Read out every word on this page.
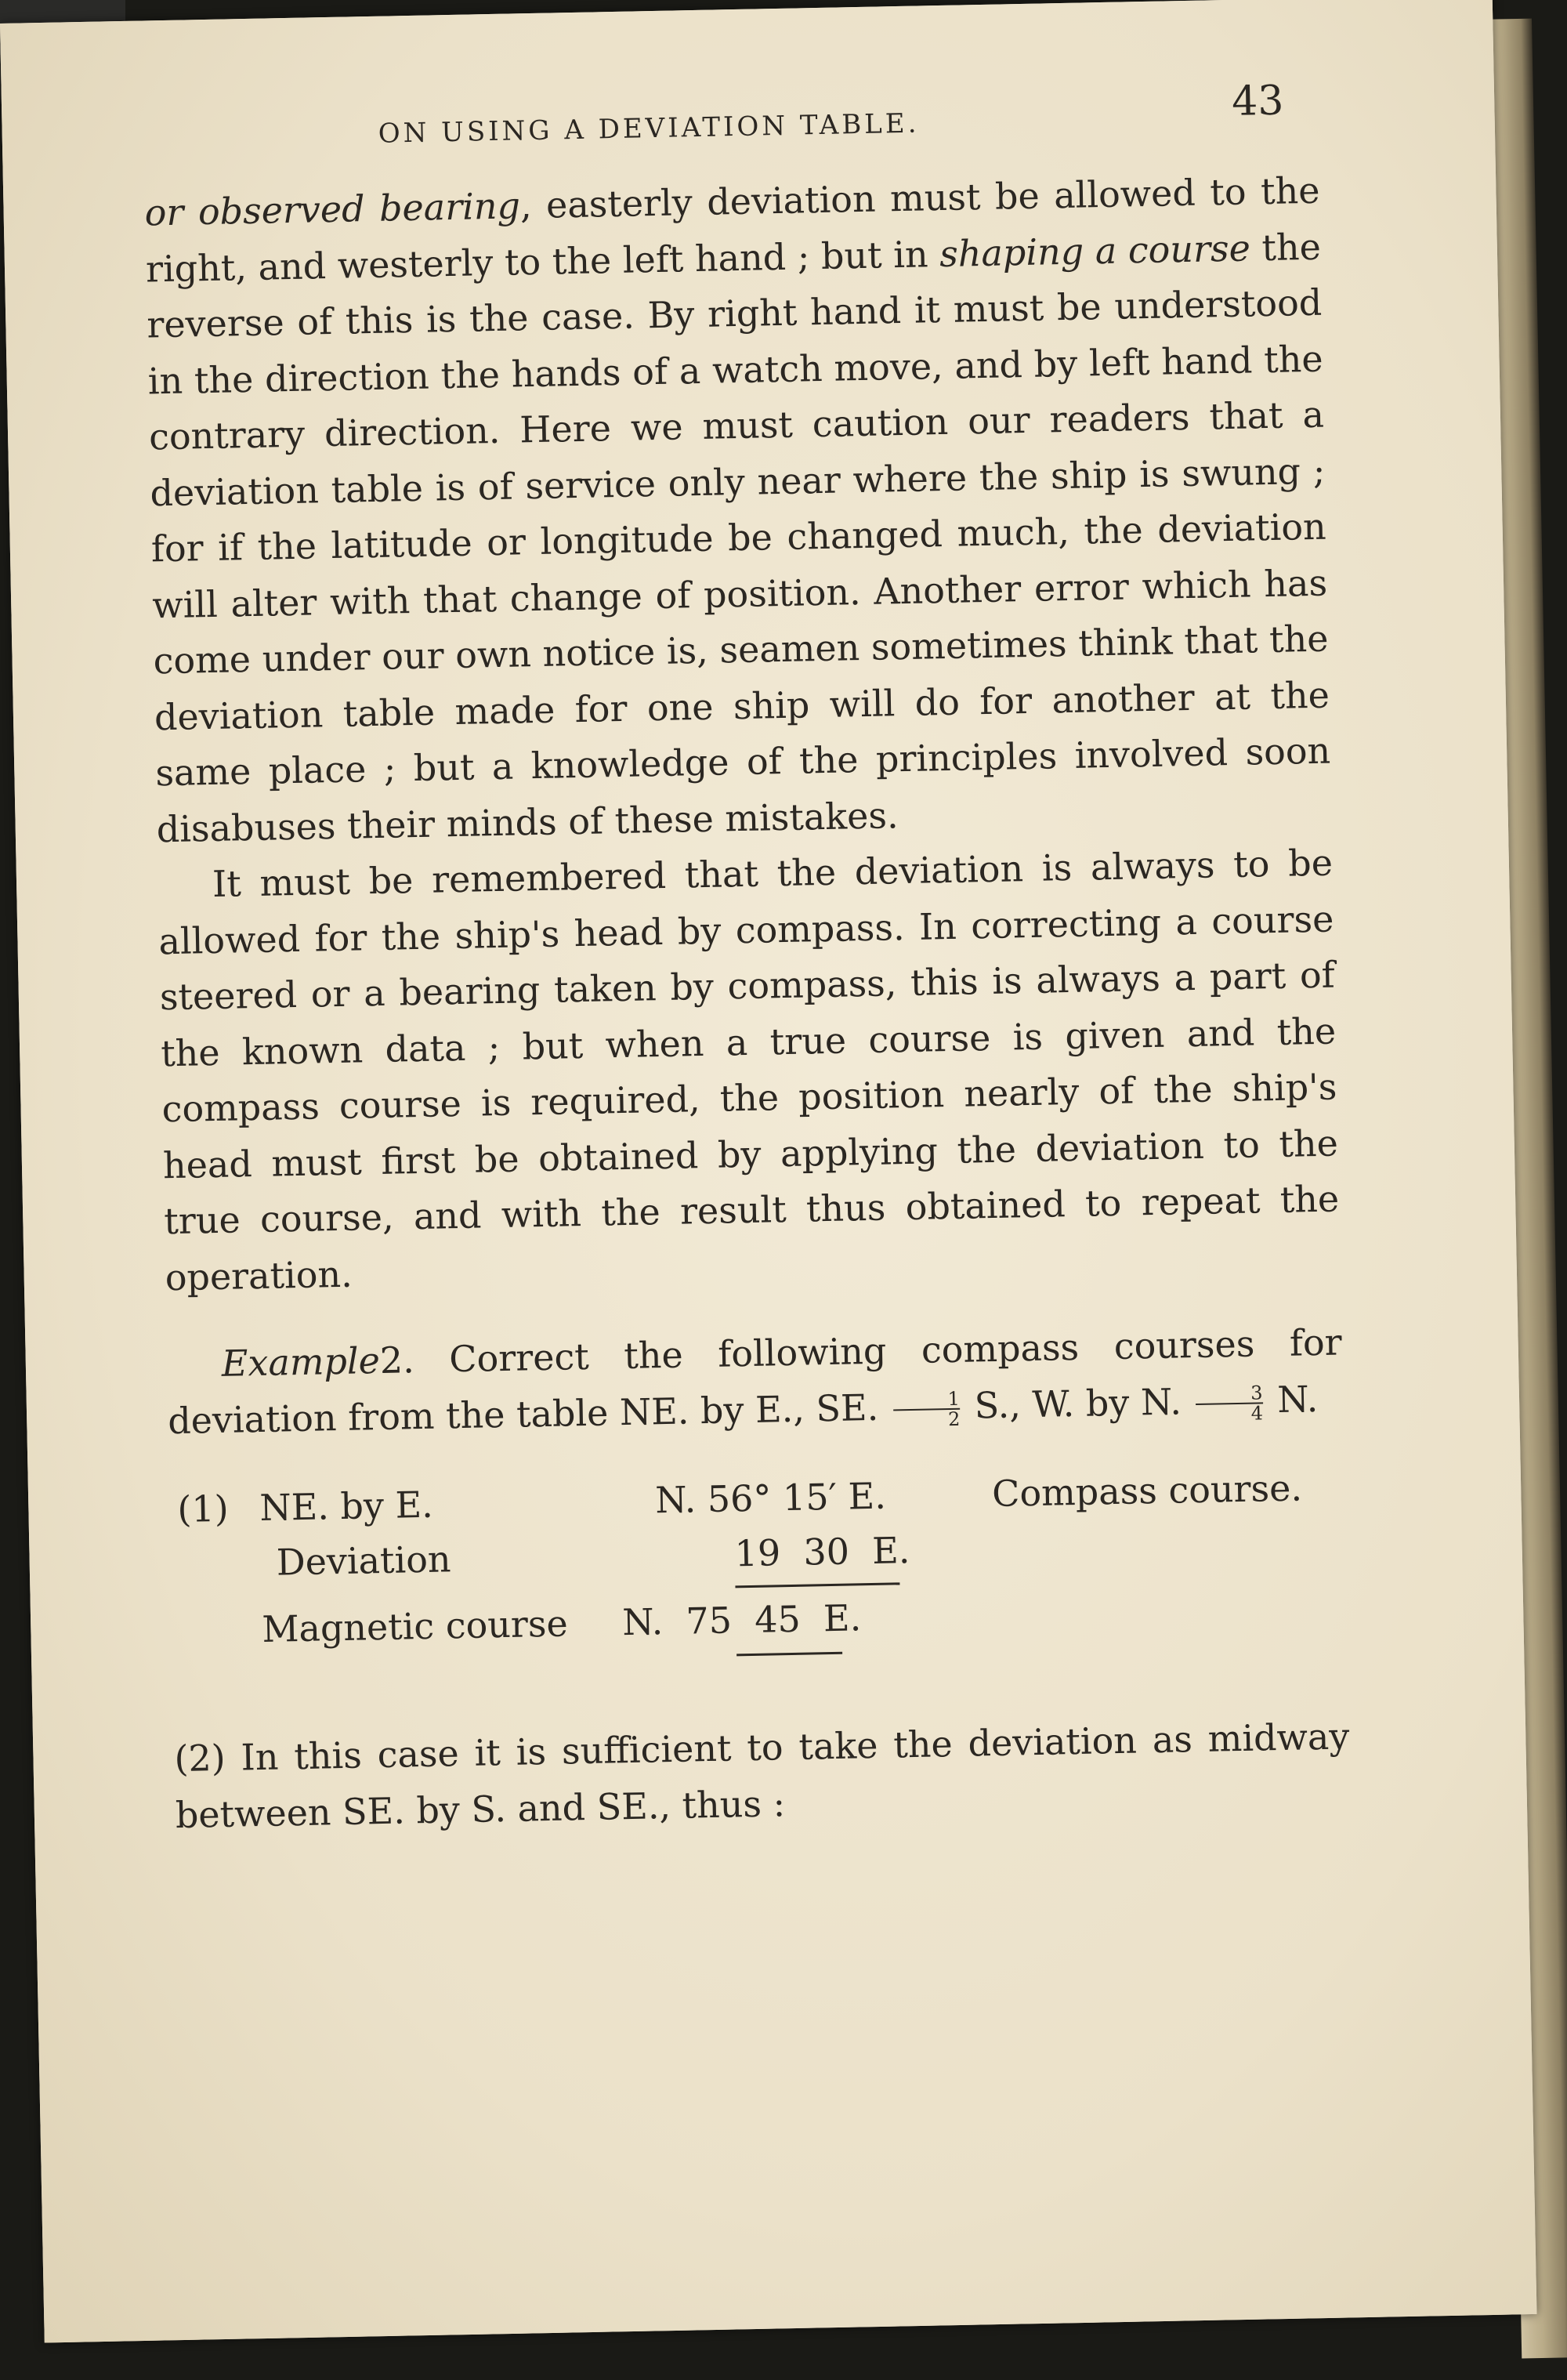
ON USING A DEVIATION TABLE.
43

or observed bearing, easterly deviation must be allowed to the right, and westerly to the left hand ; but in shaping a course the reverse of this is the case. By right hand it must be understood in the direction the hands of a watch move, and by left hand the contrary direction. Here we must caution our readers that a deviation table is of service only near where the ship is swung ; for if the latitude or longitude be changed much, the deviation will alter with that change of position. Another error which has come under our own notice is, seamen sometimes think that the deviation table made for one ship will do for another at the same place ; but a knowledge of the principles involved soon disabuses their minds of these mistakes.

It must be remembered that the deviation is always to be allowed for the ship's head by compass. In correcting a course steered or a bearing taken by compass, this is always a part of the known data ; but when a true course is given and the compass course is required, the position nearly of the ship's head must first be obtained by applying the deviation to the true course, and with the result thus obtained to repeat the operation.

Example2. Correct the following compass courses for deviation from the table NE. by E., SE. $\frac{1}{2} S$., W. by N. $\frac{3}{4} N$.

(1) NE. by E.	N. 56° 15′ E.	Compass course.
Deviation	19  30  E.
Magnetic course N.  75  45  E.

(2) In this case it is sufficient to take the deviation as midway between SE. by S. and SE., thus :
